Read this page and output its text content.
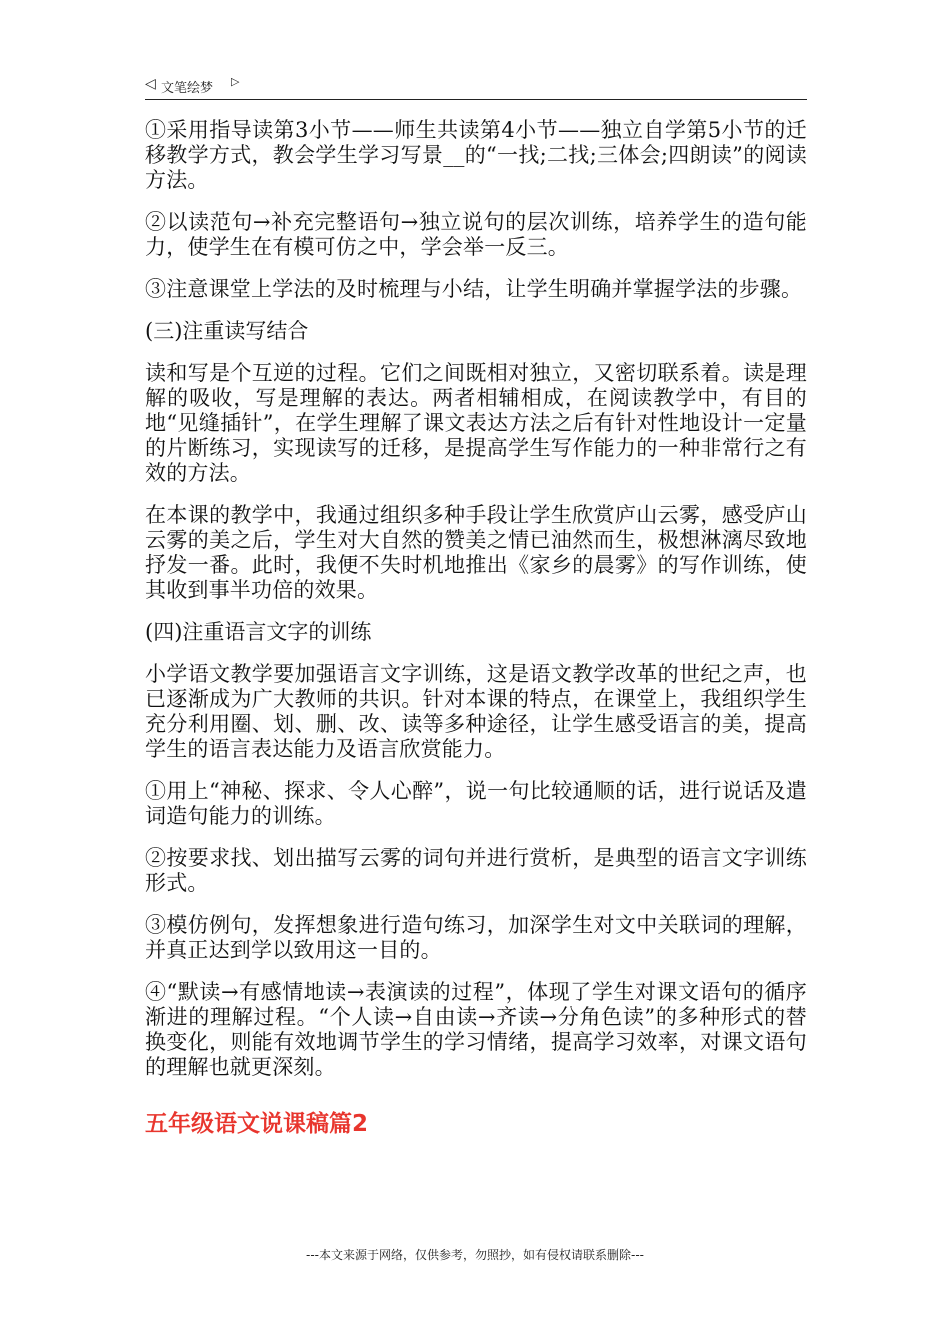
◁ 文笔绘梦 ▷

①采用指导读第3小节——师生共读第4小节——独立自学第5小节的迁移教学方式，教会学生学习写景__的“一找;二找;三体会;四朗读”的阅读方法。

②以读范句→补充完整语句→独立说句的层次训练，培养学生的造句能力，使学生在有模可仿之中，学会举一反三。

③注意课堂上学法的及时梳理与小结，让学生明确并掌握学法的步骤。

(三)注重读写结合

读和写是个互逆的过程。它们之间既相对独立，又密切联系着。读是理解的吸收，写是理解的表达。两者相辅相成，在阅读教学中，有目的地“见缝插针”，在学生理解了课文表达方法之后有针对性地设计一定量的片断练习，实现读写的迁移，是提高学生写作能力的一种非常行之有效的方法。

在本课的教学中，我通过组织多种手段让学生欣赏庐山云雾，感受庐山云雾的美之后，学生对大自然的赞美之情已油然而生，极想淋漓尽致地抒发一番。此时，我便不失时机地推出《家乡的晨雾》的写作训练，使其收到事半功倍的效果。

(四)注重语言文字的训练

小学语文教学要加强语言文字训练，这是语文教学改革的世纪之声，也已逐渐成为广大教师的共识。针对本课的特点，在课堂上，我组织学生充分利用圈、划、删、改、读等多种途径，让学生感受语言的美，提高学生的语言表达能力及语言欣赏能力。

①用上“神秘、探求、令人心醉”，说一句比较通顺的话，进行说话及遣词造句能力的训练。

②按要求找、划出描写云雾的词句并进行赏析，是典型的语言文字训练形式。

③模仿例句，发挥想象进行造句练习，加深学生对文中关联词的理解，并真正达到学以致用这一目的。

④“默读→有感情地读→表演读的过程”，体现了学生对课文语句的循序渐进的理解过程。“个人读→自由读→齐读→分角色读”的多种形式的替换变化，则能有效地调节学生的学习情绪，提高学习效率，对课文语句的理解也就更深刻。

五年级语文说课稿篇2
---本文来源于网络，仅供参考，勿照抄，如有侵权请联系删除---
